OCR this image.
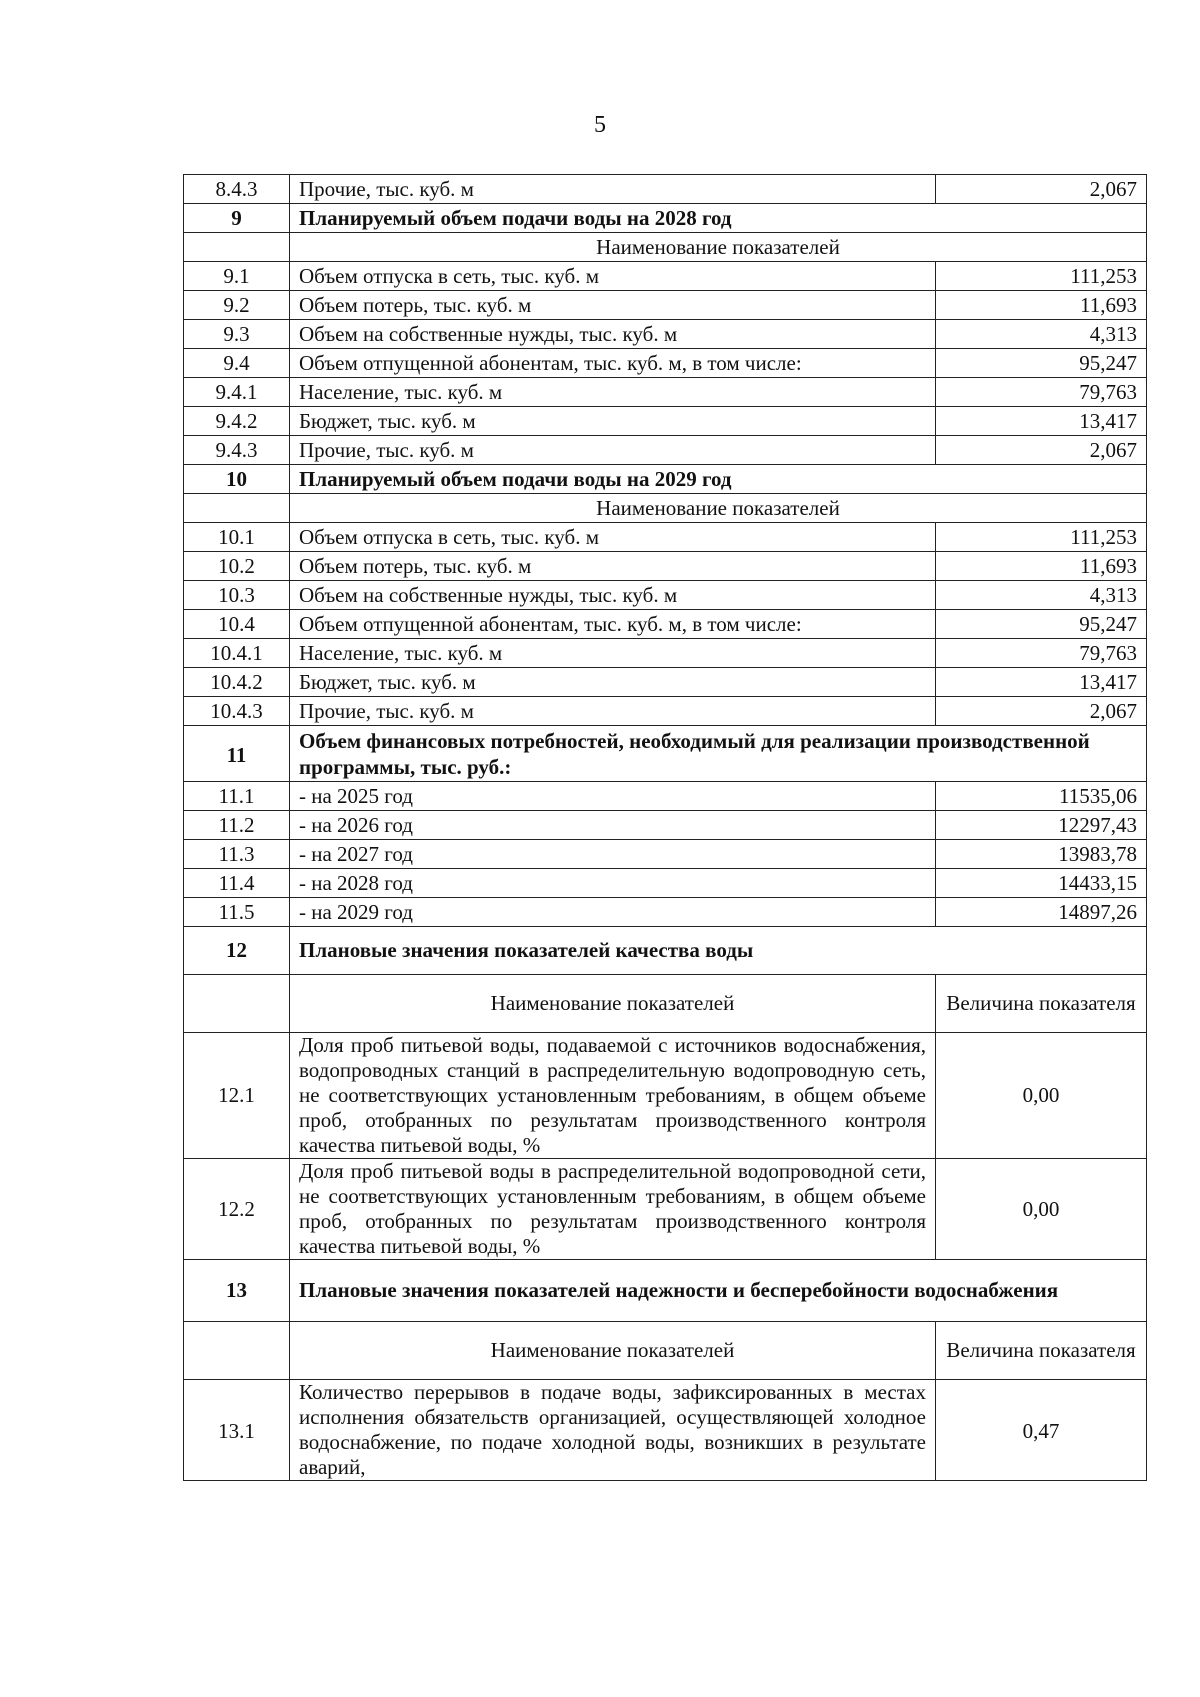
5
8.4.3	Прочие, тыс. куб. м	2,067
9	Планируемый объем подачи воды на 2028 год	
	Наименование показателей	
9.1	Объем отпуска в сеть, тыс. куб. м	111,253
9.2	Объем потерь, тыс. куб. м	11,693
9.3	Объем на собственные нужды, тыс. куб. м	4,313
9.4	Объем отпущенной абонентам, тыс. куб. м, в том числе:	95,247
9.4.1	Население, тыс. куб. м	79,763
9.4.2	Бюджет, тыс. куб. м	13,417
9.4.3	Прочие, тыс. куб. м	2,067
10	Планируемый объем подачи воды на 2029 год	
	Наименование показателей	
10.1	Объем отпуска в сеть, тыс. куб. м	111,253
10.2	Объем потерь, тыс. куб. м	11,693
10.3	Объем на собственные нужды, тыс. куб. м	4,313
10.4	Объем отпущенной абонентам, тыс. куб. м, в том числе:	95,247
10.4.1	Население, тыс. куб. м	79,763
10.4.2	Бюджет, тыс. куб. м	13,417
10.4.3	Прочие, тыс. куб. м	2,067
11	Объем финансовых потребностей, необходимый для реализации производственной программы, тыс. руб.:	
11.1	- на 2025 год	11535,06
11.2	- на 2026 год	12297,43
11.3	- на 2027 год	13983,78
11.4	- на 2028 год	14433,15
11.5	- на 2029 год	14897,26
12	Плановые значения показателей качества воды	
	Наименование показателей	Величина показателя
12.1	Доля проб питьевой воды, подаваемой с источников водоснабжения, водопроводных станций в распределительную водопроводную сеть, не соответствующих установленным требованиям, в общем объеме проб, отобранных по результатам производственного контроля качества питьевой воды, %	0,00
12.2	Доля проб питьевой воды в распределительной водопроводной сети, не соответствующих установленным требованиям, в общем объеме проб, отобранных по результатам производственного контроля качества питьевой воды, %	0,00
13	Плановые значения показателей надежности и бесперебойности водоснабжения	
	Наименование показателей	Величина показателя
13.1	Количество перерывов в подаче воды, зафиксированных в местах исполнения обязательств организацией, осуществляющей холодное водоснабжение, по подаче холодной воды, возникших в результате аварий,	0,47
